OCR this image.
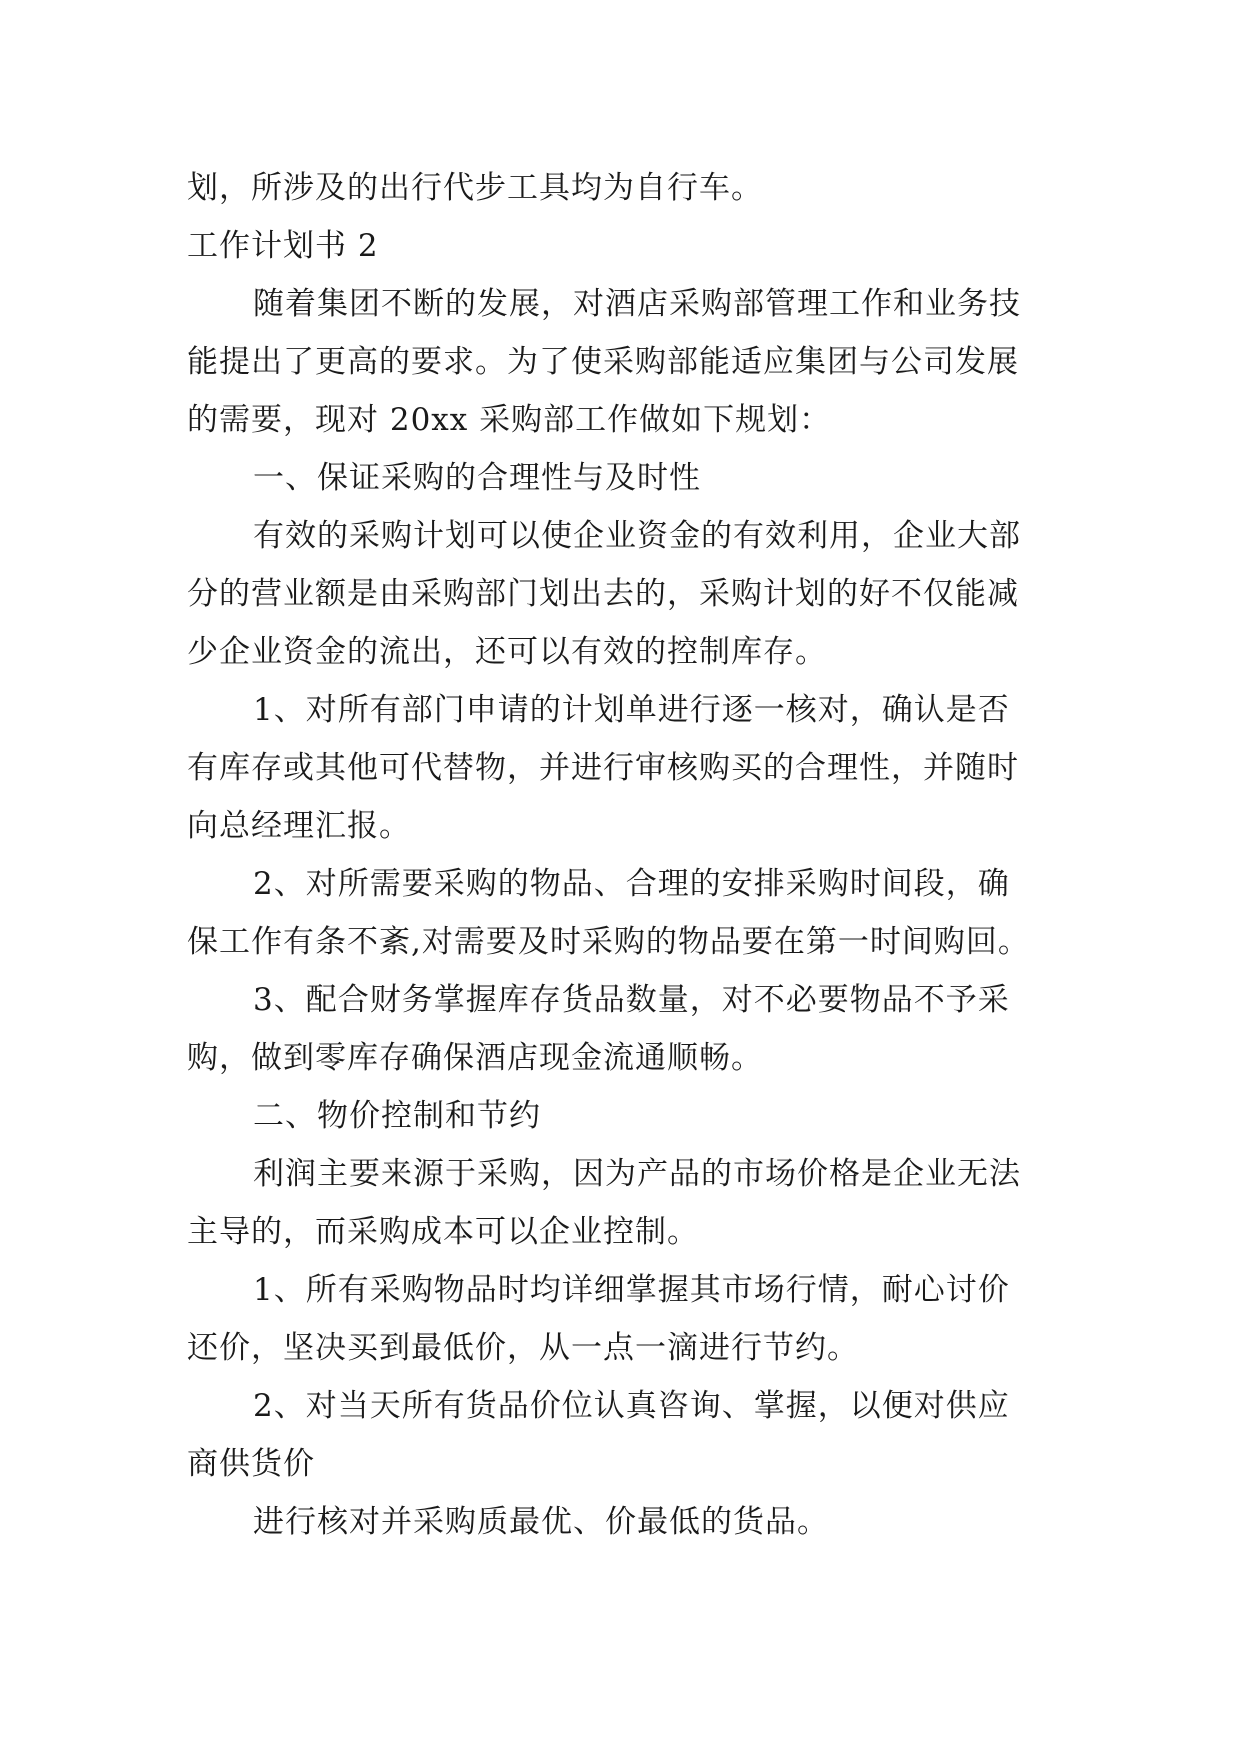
划，所涉及的出行代步工具均为自行车。
工作计划书 2
随着集团不断的发展，对酒店采购部管理工作和业务技
能提出了更高的要求。为了使采购部能适应集团与公司发展
的需要，现对 20xx 采购部工作做如下规划：
一、保证采购的合理性与及时性
有效的采购计划可以使企业资金的有效利用，企业大部
分的营业额是由采购部门划出去的，采购计划的好不仅能减
少企业资金的流出，还可以有效的控制库存。
1、对所有部门申请的计划单进行逐一核对，确认是否
有库存或其他可代替物，并进行审核购买的合理性，并随时
向总经理汇报。
2、对所需要采购的物品、合理的安排采购时间段，确
保工作有条不紊,对需要及时采购的物品要在第一时间购回。
3、配合财务掌握库存货品数量，对不必要物品不予采
购，做到零库存确保酒店现金流通顺畅。
二、物价控制和节约
利润主要来源于采购，因为产品的市场价格是企业无法
主导的，而采购成本可以企业控制。
1、所有采购物品时均详细掌握其市场行情，耐心讨价
还价，坚决买到最低价，从一点一滴进行节约。
2、对当天所有货品价位认真咨询、掌握，以便对供应
商供货价
进行核对并采购质最优、价最低的货品。
